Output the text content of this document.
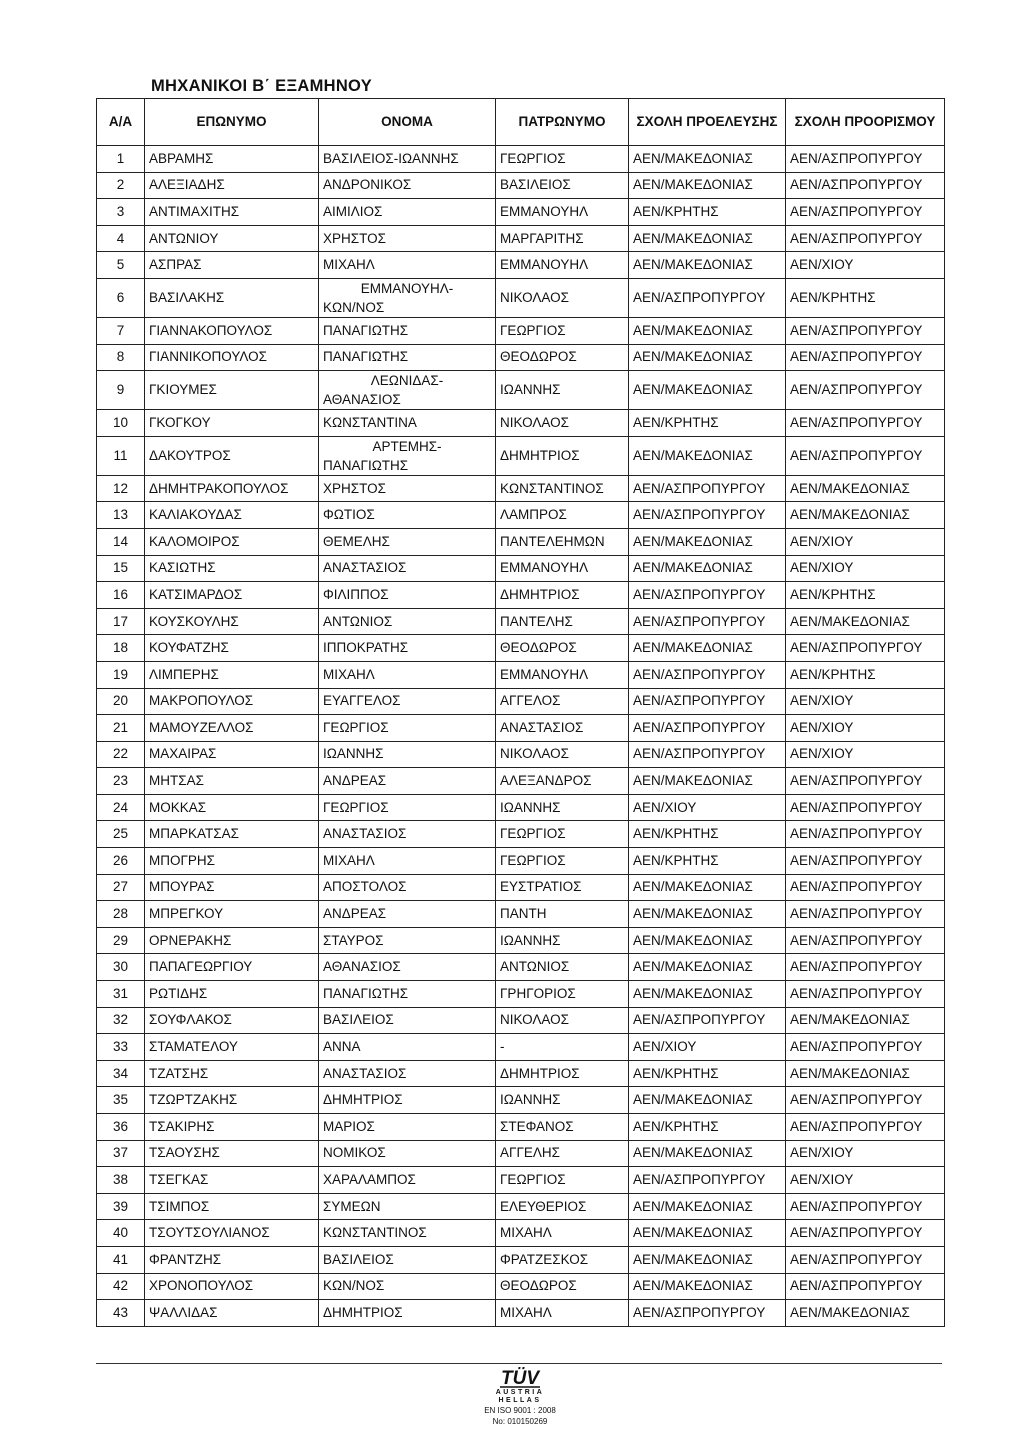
ΜΗΧΑΝΙΚΟΙ Β΄ ΕΞΑΜΗΝΟΥ
Α/Α	ΕΠΩΝΥΜΟ	ΟΝΟΜΑ	ΠΑΤΡΩΝΥΜΟ	ΣΧΟΛΗ ΠΡΟΕΛΕΥΣΗΣ	ΣΧΟΛΗ ΠΡΟΟΡΙΣΜΟΥ
1	ΑΒΡΑΜΗΣ	ΒΑΣΙΛΕΙΟΣ-ΙΩΑΝΝΗΣ	ΓΕΩΡΓΙΟΣ	ΑΕΝ/ΜΑΚΕΔΟΝΙΑΣ	ΑΕΝ/ΑΣΠΡΟΠΥΡΓΟΥ
2	ΑΛΕΞΙΑΔΗΣ	ΑΝΔΡΟΝΙΚΟΣ	ΒΑΣΙΛΕΙΟΣ	ΑΕΝ/ΜΑΚΕΔΟΝΙΑΣ	ΑΕΝ/ΑΣΠΡΟΠΥΡΓΟΥ
3	ΑΝΤΙΜΑΧΙΤΗΣ	ΑΙΜΙΛΙΟΣ	ΕΜΜΑΝΟΥΗΛ	ΑΕΝ/ΚΡΗΤΗΣ	ΑΕΝ/ΑΣΠΡΟΠΥΡΓΟΥ
4	ΑΝΤΩΝΙΟΥ	ΧΡΗΣΤΟΣ	ΜΑΡΓΑΡΙΤΗΣ	ΑΕΝ/ΜΑΚΕΔΟΝΙΑΣ	ΑΕΝ/ΑΣΠΡΟΠΥΡΓΟΥ
5	ΑΣΠΡΑΣ	ΜΙΧΑΗΛ	ΕΜΜΑΝΟΥΗΛ	ΑΕΝ/ΜΑΚΕΔΟΝΙΑΣ	ΑΕΝ/ΧΙΟΥ
6	ΒΑΣΙΛΑΚΗΣ	ΕΜΜΑΝΟΥΗΛ-
ΚΩΝ/ΝΟΣ	ΝΙΚΟΛΑΟΣ	ΑΕΝ/ΑΣΠΡΟΠΥΡΓΟΥ	ΑΕΝ/ΚΡΗΤΗΣ
7	ΓΙΑΝΝΑΚΟΠΟΥΛΟΣ	ΠΑΝΑΓΙΩΤΗΣ	ΓΕΩΡΓΙΟΣ	ΑΕΝ/ΜΑΚΕΔΟΝΙΑΣ	ΑΕΝ/ΑΣΠΡΟΠΥΡΓΟΥ
8	ΓΙΑΝΝΙΚΟΠΟΥΛΟΣ	ΠΑΝΑΓΙΩΤΗΣ	ΘΕΟΔΩΡΟΣ	ΑΕΝ/ΜΑΚΕΔΟΝΙΑΣ	ΑΕΝ/ΑΣΠΡΟΠΥΡΓΟΥ
9	ΓΚΙΟΥΜΕΣ	ΛΕΩΝΙΔΑΣ-
ΑΘΑΝΑΣΙΟΣ	ΙΩΑΝΝΗΣ	ΑΕΝ/ΜΑΚΕΔΟΝΙΑΣ	ΑΕΝ/ΑΣΠΡΟΠΥΡΓΟΥ
10	ΓΚΟΓΚΟΥ	ΚΩΝΣΤΑΝΤΙΝΑ	ΝΙΚΟΛΑΟΣ	ΑΕΝ/ΚΡΗΤΗΣ	ΑΕΝ/ΑΣΠΡΟΠΥΡΓΟΥ
11	ΔΑΚΟΥΤΡΟΣ	ΑΡΤΕΜΗΣ-
ΠΑΝΑΓΙΩΤΗΣ	ΔΗΜΗΤΡΙΟΣ	ΑΕΝ/ΜΑΚΕΔΟΝΙΑΣ	ΑΕΝ/ΑΣΠΡΟΠΥΡΓΟΥ
12	ΔΗΜΗΤΡΑΚΟΠΟΥΛΟΣ	ΧΡΗΣΤΟΣ	ΚΩΝΣΤΑΝΤΙΝΟΣ	ΑΕΝ/ΑΣΠΡΟΠΥΡΓΟΥ	ΑΕΝ/ΜΑΚΕΔΟΝΙΑΣ
13	ΚΑΛΙΑΚΟΥΔΑΣ	ΦΩΤΙΟΣ	ΛΑΜΠΡΟΣ	ΑΕΝ/ΑΣΠΡΟΠΥΡΓΟΥ	ΑΕΝ/ΜΑΚΕΔΟΝΙΑΣ
14	ΚΑΛΟΜΟΙΡΟΣ	ΘΕΜΕΛΗΣ	ΠΑΝΤΕΛΕΗΜΩΝ	ΑΕΝ/ΜΑΚΕΔΟΝΙΑΣ	ΑΕΝ/ΧΙΟΥ
15	ΚΑΣΙΩΤΗΣ	ΑΝΑΣΤΑΣΙΟΣ	ΕΜΜΑΝΟΥΗΛ	ΑΕΝ/ΜΑΚΕΔΟΝΙΑΣ	ΑΕΝ/ΧΙΟΥ
16	ΚΑΤΣΙΜΑΡΔΟΣ	ΦΙΛΙΠΠΟΣ	ΔΗΜΗΤΡΙΟΣ	ΑΕΝ/ΑΣΠΡΟΠΥΡΓΟΥ	ΑΕΝ/ΚΡΗΤΗΣ
17	ΚΟΥΣΚΟΥΛΗΣ	ΑΝΤΩΝΙΟΣ	ΠΑΝΤΕΛΗΣ	ΑΕΝ/ΑΣΠΡΟΠΥΡΓΟΥ	ΑΕΝ/ΜΑΚΕΔΟΝΙΑΣ
18	ΚΟΥΦΑΤΖΗΣ	ΙΠΠΟΚΡΑΤΗΣ	ΘΕΟΔΩΡΟΣ	ΑΕΝ/ΜΑΚΕΔΟΝΙΑΣ	ΑΕΝ/ΑΣΠΡΟΠΥΡΓΟΥ
19	ΛΙΜΠΕΡΗΣ	ΜΙΧΑΗΛ	ΕΜΜΑΝΟΥΗΛ	ΑΕΝ/ΑΣΠΡΟΠΥΡΓΟΥ	ΑΕΝ/ΚΡΗΤΗΣ
20	ΜΑΚΡΟΠΟΥΛΟΣ	ΕΥΑΓΓΕΛΟΣ	ΑΓΓΕΛΟΣ	ΑΕΝ/ΑΣΠΡΟΠΥΡΓΟΥ	ΑΕΝ/ΧΙΟΥ
21	ΜΑΜΟΥΖΕΛΛΟΣ	ΓΕΩΡΓΙΟΣ	ΑΝΑΣΤΑΣΙΟΣ	ΑΕΝ/ΑΣΠΡΟΠΥΡΓΟΥ	ΑΕΝ/ΧΙΟΥ
22	ΜΑΧΑΙΡΑΣ	ΙΩΑΝΝΗΣ	ΝΙΚΟΛΑΟΣ	ΑΕΝ/ΑΣΠΡΟΠΥΡΓΟΥ	ΑΕΝ/ΧΙΟΥ
23	ΜΗΤΣΑΣ	ΑΝΔΡΕΑΣ	ΑΛΕΞΑΝΔΡΟΣ	ΑΕΝ/ΜΑΚΕΔΟΝΙΑΣ	ΑΕΝ/ΑΣΠΡΟΠΥΡΓΟΥ
24	ΜΟΚΚΑΣ	ΓΕΩΡΓΙΟΣ	ΙΩΑΝΝΗΣ	ΑΕΝ/ΧΙΟΥ	ΑΕΝ/ΑΣΠΡΟΠΥΡΓΟΥ
25	ΜΠΑΡΚΑΤΣΑΣ	ΑΝΑΣΤΑΣΙΟΣ	ΓΕΩΡΓΙΟΣ	ΑΕΝ/ΚΡΗΤΗΣ	ΑΕΝ/ΑΣΠΡΟΠΥΡΓΟΥ
26	ΜΠΟΓΡΗΣ	ΜΙΧΑΗΛ	ΓΕΩΡΓΙΟΣ	ΑΕΝ/ΚΡΗΤΗΣ	ΑΕΝ/ΑΣΠΡΟΠΥΡΓΟΥ
27	ΜΠΟΥΡΑΣ	ΑΠΟΣΤΟΛΟΣ	ΕΥΣΤΡΑΤΙΟΣ	ΑΕΝ/ΜΑΚΕΔΟΝΙΑΣ	ΑΕΝ/ΑΣΠΡΟΠΥΡΓΟΥ
28	ΜΠΡΕΓΚΟΥ	ΑΝΔΡΕΑΣ	ΠΑΝΤΗ	ΑΕΝ/ΜΑΚΕΔΟΝΙΑΣ	ΑΕΝ/ΑΣΠΡΟΠΥΡΓΟΥ
29	ΟΡΝΕΡΑΚΗΣ	ΣΤΑΥΡΟΣ	ΙΩΑΝΝΗΣ	ΑΕΝ/ΜΑΚΕΔΟΝΙΑΣ	ΑΕΝ/ΑΣΠΡΟΠΥΡΓΟΥ
30	ΠΑΠΑΓΕΩΡΓΙΟΥ	ΑΘΑΝΑΣΙΟΣ	ΑΝΤΩΝΙΟΣ	ΑΕΝ/ΜΑΚΕΔΟΝΙΑΣ	ΑΕΝ/ΑΣΠΡΟΠΥΡΓΟΥ
31	ΡΩΤΙΔΗΣ	ΠΑΝΑΓΙΩΤΗΣ	ΓΡΗΓΟΡΙΟΣ	ΑΕΝ/ΜΑΚΕΔΟΝΙΑΣ	ΑΕΝ/ΑΣΠΡΟΠΥΡΓΟΥ
32	ΣΟΥΦΛΑΚΟΣ	ΒΑΣΙΛΕΙΟΣ	ΝΙΚΟΛΑΟΣ	ΑΕΝ/ΑΣΠΡΟΠΥΡΓΟΥ	ΑΕΝ/ΜΑΚΕΔΟΝΙΑΣ
33	ΣΤΑΜΑΤΕΛΟΥ	ΑΝΝΑ	-	ΑΕΝ/ΧΙΟΥ	ΑΕΝ/ΑΣΠΡΟΠΥΡΓΟΥ
34	ΤΖΑΤΣΗΣ	ΑΝΑΣΤΑΣΙΟΣ	ΔΗΜΗΤΡΙΟΣ	ΑΕΝ/ΚΡΗΤΗΣ	ΑΕΝ/ΜΑΚΕΔΟΝΙΑΣ
35	ΤΖΩΡΤΖΑΚΗΣ	ΔΗΜΗΤΡΙΟΣ	ΙΩΑΝΝΗΣ	ΑΕΝ/ΜΑΚΕΔΟΝΙΑΣ	ΑΕΝ/ΑΣΠΡΟΠΥΡΓΟΥ
36	ΤΣΑΚΙΡΗΣ	ΜΑΡΙΟΣ	ΣΤΕΦΑΝΟΣ	ΑΕΝ/ΚΡΗΤΗΣ	ΑΕΝ/ΑΣΠΡΟΠΥΡΓΟΥ
37	ΤΣΑΟΥΣΗΣ	ΝΟΜΙΚΟΣ	ΑΓΓΕΛΗΣ	ΑΕΝ/ΜΑΚΕΔΟΝΙΑΣ	ΑΕΝ/ΧΙΟΥ
38	ΤΣΕΓΚΑΣ	ΧΑΡΑΛΑΜΠΟΣ	ΓΕΩΡΓΙΟΣ	ΑΕΝ/ΑΣΠΡΟΠΥΡΓΟΥ	ΑΕΝ/ΧΙΟΥ
39	ΤΣΙΜΠΟΣ	ΣΥΜΕΩΝ	ΕΛΕΥΘΕΡΙΟΣ	ΑΕΝ/ΜΑΚΕΔΟΝΙΑΣ	ΑΕΝ/ΑΣΠΡΟΠΥΡΓΟΥ
40	ΤΣΟΥΤΣΟΥΛΙΑΝΟΣ	ΚΩΝΣΤΑΝΤΙΝΟΣ	ΜΙΧΑΗΛ	ΑΕΝ/ΜΑΚΕΔΟΝΙΑΣ	ΑΕΝ/ΑΣΠΡΟΠΥΡΓΟΥ
41	ΦΡΑΝΤΖΗΣ	ΒΑΣΙΛΕΙΟΣ	ΦΡΑΤΖΕΣΚΟΣ	ΑΕΝ/ΜΑΚΕΔΟΝΙΑΣ	ΑΕΝ/ΑΣΠΡΟΠΥΡΓΟΥ
42	ΧΡΟΝΟΠΟΥΛΟΣ	ΚΩΝ/ΝΟΣ	ΘΕΟΔΩΡΟΣ	ΑΕΝ/ΜΑΚΕΔΟΝΙΑΣ	ΑΕΝ/ΑΣΠΡΟΠΥΡΓΟΥ
43	ΨΑΛΛΙΔΑΣ	ΔΗΜΗΤΡΙΟΣ	ΜΙΧΑΗΛ	ΑΕΝ/ΑΣΠΡΟΠΥΡΓΟΥ	ΑΕΝ/ΜΑΚΕΔΟΝΙΑΣ
TÜV
AUSTRIA
HELLAS
EN ISO 9001 : 2008
No: 010150269
